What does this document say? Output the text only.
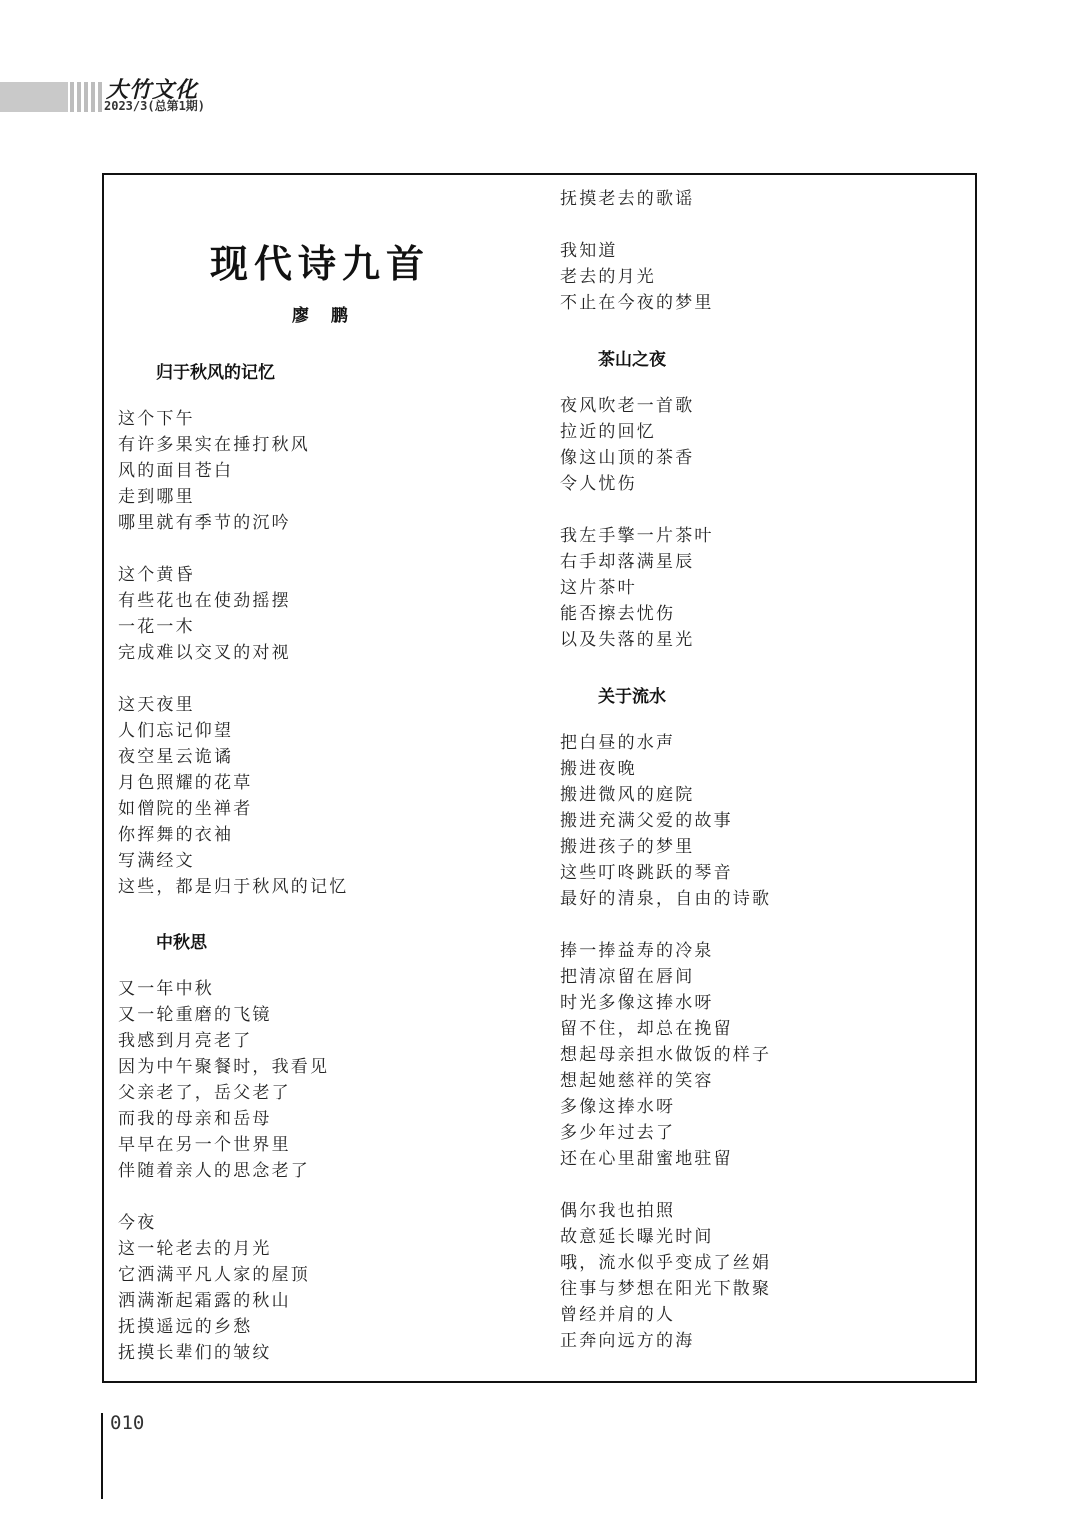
大竹文化
2023/3(总第1期)
现代诗九首
廖 鹏
归于秋风的记忆
这个下午
有许多果实在捶打秋风
风的面目苍白
走到哪里
哪里就有季节的沉吟
这个黄昏
有些花也在使劲摇摆
一花一木
完成难以交叉的对视
这天夜里
人们忘记仰望
夜空星云诡谲
月色照耀的花草
如僧院的坐禅者
你挥舞的衣袖
写满经文
这些，都是归于秋风的记忆
中秋思
又一年中秋
又一轮重磨的飞镜
我感到月亮老了
因为中午聚餐时，我看见
父亲老了，岳父老了
而我的母亲和岳母
早早在另一个世界里
伴随着亲人的思念老了
今夜
这一轮老去的月光
它洒满平凡人家的屋顶
洒满渐起霜露的秋山
抚摸遥远的乡愁
抚摸长辈们的皱纹
抚摸老去的歌谣
我知道
老去的月光
不止在今夜的梦里
茶山之夜
夜风吹老一首歌
拉近的回忆
像这山顶的茶香
令人忧伤
我左手擎一片茶叶
右手却落满星辰
这片茶叶
能否擦去忧伤
以及失落的星光
关于流水
把白昼的水声
搬进夜晚
搬进微风的庭院
搬进充满父爱的故事
搬进孩子的梦里
这些叮咚跳跃的琴音
最好的清泉，自由的诗歌
捧一捧益寿的冷泉
把清凉留在唇间
时光多像这捧水呀
留不住，却总在挽留
想起母亲担水做饭的样子
想起她慈祥的笑容
多像这捧水呀
多少年过去了
还在心里甜蜜地驻留
偶尔我也拍照
故意延长曝光时间
哦，流水似乎变成了丝娟
往事与梦想在阳光下散聚
曾经并肩的人
正奔向远方的海
010
